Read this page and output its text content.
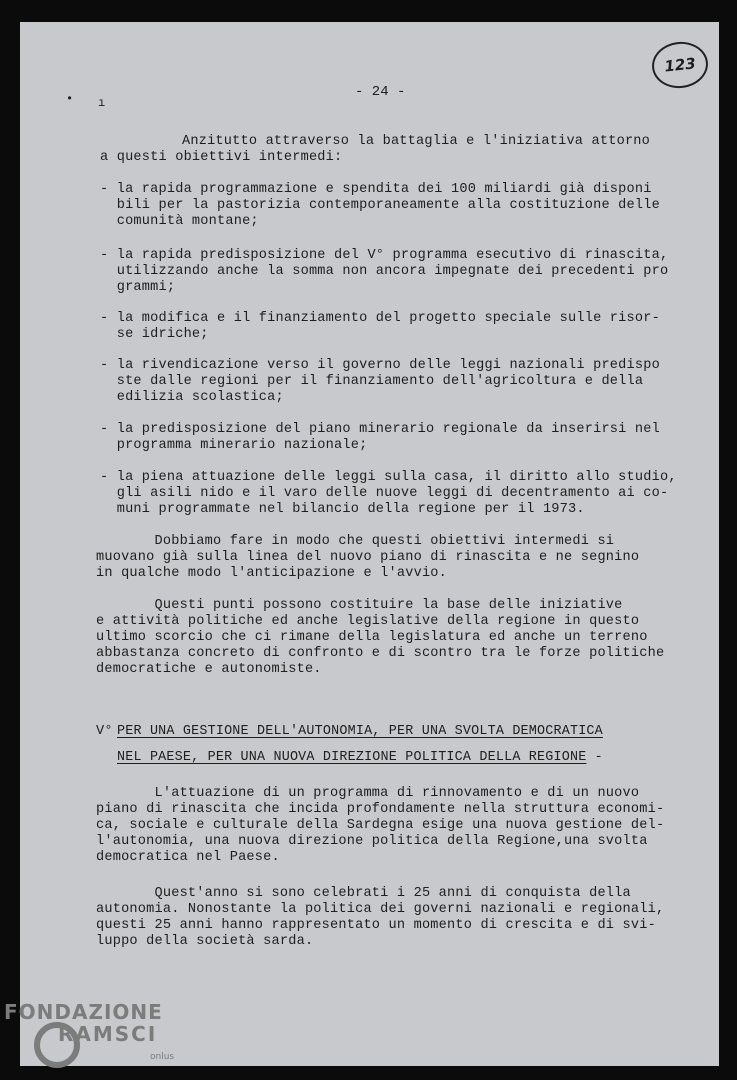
123
• ı
- 24 -
Anzitutto attraverso la battaglia e l'iniziativa attorno
a questi obiettivi intermedi:
- la rapida programmazione e spendita dei 100 miliardi già disponi
bili per la pastorizia contemporaneamente alla costituzione delle
comunità montane;
- la rapida predisposizione del V° programma esecutivo di rinascita,
utilizzando anche la somma non ancora impegnate dei precedenti pro
grammi;
- la modifica e il finanziamento del progetto speciale sulle risor-
se idriche;
- la rivendicazione verso il governo delle leggi nazionali predispo
ste dalle regioni per il finanziamento dell'agricoltura e della
edilizia scolastica;
- la predisposizione del piano minerario regionale da inserirsi nel
programma minerario nazionale;
- la piena attuazione delle leggi sulla casa, il diritto allo studio,
gli asili nido e il varo delle nuove leggi di decentramento ai co-
muni programmate nel bilancio della regione per il 1973.
Dobbiamo fare in modo che questi obiettivi intermedi si
muovano già sulla linea del nuovo piano di rinascita e ne segnino
in qualche modo l'anticipazione e l'avvio.
Questi punti possono costituire la base delle iniziative
e attività politiche ed anche legislative della regione in questo
ultimo scorcio che ci rimane della legislatura ed anche un terreno
abbastanza concreto di confronto e di scontro tra le forze politiche
democratiche e autonomiste.
V° PER UNA GESTIONE DELL'AUTONOMIA, PER UNA SVOLTA DEMOCRATICA
NEL PAESE, PER UNA NUOVA DIREZIONE POLITICA DELLA REGIONE -
L'attuazione di un programma di rinnovamento e di un nuovo
piano di rinascita che incida profondamente nella struttura economi-
ca, sociale e culturale della Sardegna esige una nuova gestione del-
l'autonomia, una nuova direzione politica della Regione,una svolta
democratica nel Paese.
Quest'anno si sono celebrati i 25 anni di conquista della
autonomia. Nonostante la politica dei governi nazionali e regionali,
questi 25 anni hanno rappresentato un momento di crescita e di svi-
luppo della società sarda.
FONDAZIONE
RAMSCI
onlus
